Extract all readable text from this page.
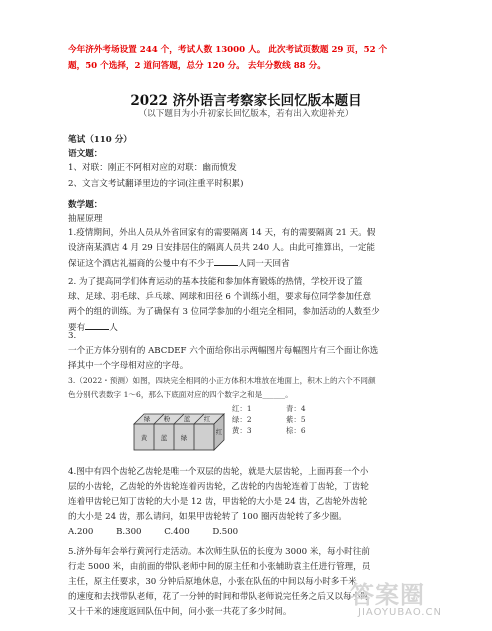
今年济外考场设置 244 个，考试人数 13000 人。 此次考试页数题 29 页，52 个
题，50 个选择，2 道问答题，总分 120 分。 去年分数线 88 分。
2022 济外语言考察家长回忆版本题目
（以下题目为小升初家长回忆版本，若有出入欢迎补充）
笔试（110 分）
语文题：
1、对联：刚正不阿相对应的对联：幽而愤发
2、文言文考试翻译里边的字词(注重平时积累)
数学题：
抽屉原理
1.疫情期间，外出人员从外省回家有的需要隔离 14 天，有的需要隔离 21 天。假
设济南某酒店 4 月 29 日安排居住的隔离人员共 240 人。由此可推算出，一定能
保证这个酒店礼福商的公曼中有不少于	人同一天回省
2. 为了提高同学们体育运动的基本技能和参加体育锻炼的热情，学校开设了篮
球、足球、羽毛球、乒乓球、网球和田径 6 个训练小组，要求每位同学参加任意
两个的组的训练。为了确保有 3 位同学参加的小组完全相同，参加活动的人数至少
要有	人
3.
一个正方体分别有的 ABCDEF 六个面给你出示两幅图片每幅图片有三个面让你选
择其中一个字母相对应的字母。
3.（2022・预测）如图，四块完全相同的小正方体积木堆放在地面上，积木上的六个不同颜
色分别代表数字 1～6，那么下底面对应的四个数字之和是______。
绿 粉 蓝 红
黄 蓝 绿
红
红：1
绿：2
黄：3
青：4
紫：5
棕：6
4.图中有四个齿轮乙齿轮是唯一个双层的齿轮，就是大层齿轮，上面再套一个小
层的小齿轮，乙齿轮的外齿轮连着丙齿轮，乙齿轮的内齿轮连着丁齿轮，丁齿轮
连着甲齿轮已知丁齿轮的大小是 12 齿，甲齿轮的大小是 24 齿，乙齿轮外齿轮
的大小是 24 齿，那么请问，如果甲齿轮转了 100 圈丙齿轮转了多少圈。
A.200	B.300	C.400	D.500
5.济外每年会举行黄河行走活动。本次师生队伍的长度为 3000 米，每小时往前
行走 5000 米，由前面的带队老师中间的原主任和小张辅助袁主任进行管理，员
主任，原主任要求，30 分钟后原地休息，小张在队伍的中间以每小时多千米
的速度和去找带队老师，花了一分钟的时间和带队老师说完任务之后又以每小时
又十千米的速度返回队伍中间，问小张一共花了多少时间。
答案圈
JIAOYUBAO.CN
